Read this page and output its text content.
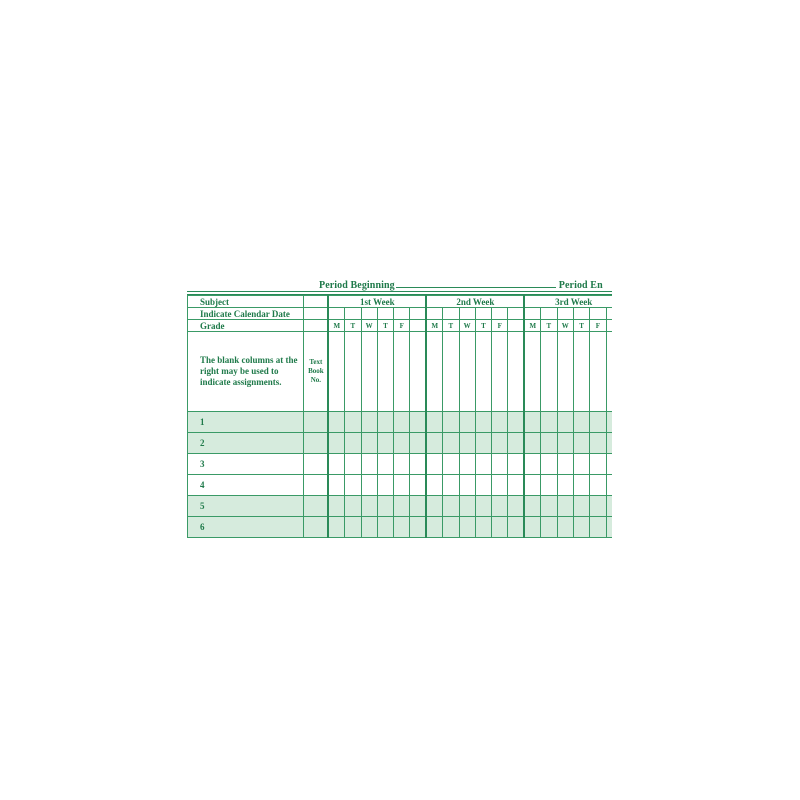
Period Beginning	Period En
Subject		1st Week						2nd Week						3rd Week					
Indicate Calendar Date																			
Grade		M	T	W	T	F		M	T	W	T	F		M	T	W	T	F	
The blank columns at the right may be used to indicate assignments.	Text Book No.																		
1																			
2																			
3																			
4																			
5																			
6																			
